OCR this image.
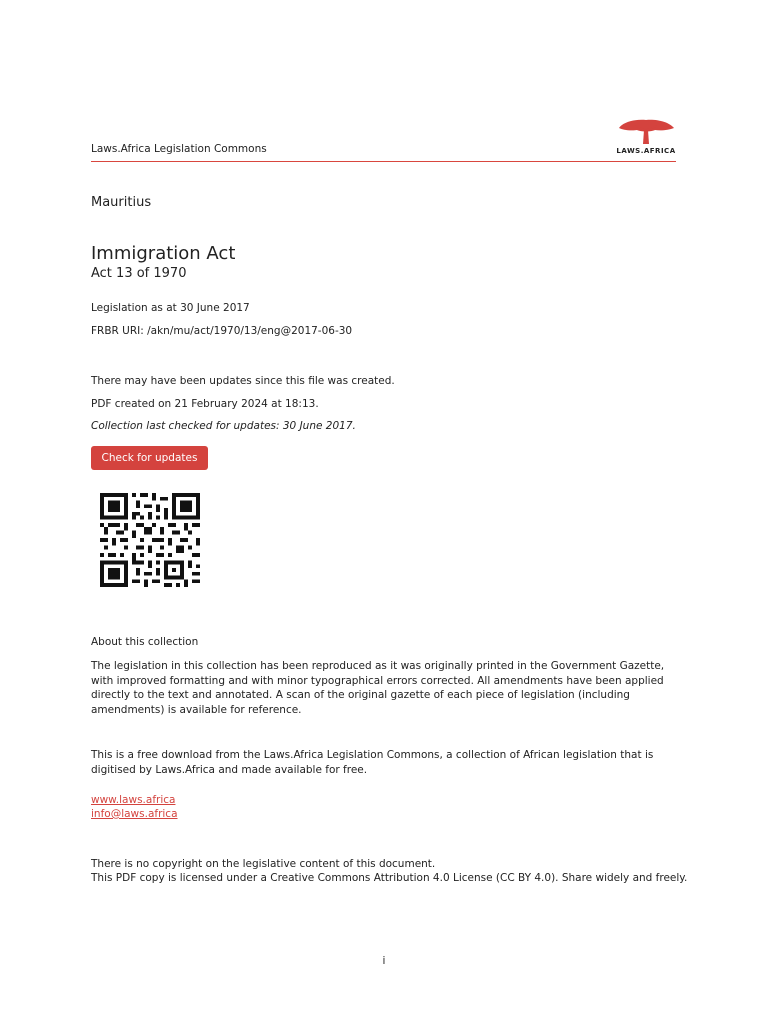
Laws.Africa Legislation Commons	LAWS.AFRICA
Mauritius
Immigration Act
Act 13 of 1970
Legislation as at 30 June 2017
FRBR URI: /akn/mu/act/1970/13/eng@2017-06-30
There may have been updates since this file was created.
PDF created on 21 February 2024 at 18:13.
Collection last checked for updates: 30 June 2017.
Check for updates
About this collection
The legislation in this collection has been reproduced as it was originally printed in the Government Gazette, with improved formatting and with minor typographical errors corrected. All amendments have been applied directly to the text and annotated. A scan of the original gazette of each piece of legislation (including amendments) is available for reference.
This is a free download from the Laws.Africa Legislation Commons, a collection of African legislation that is digitised by Laws.Africa and made available for free.
www.laws.africa
info@laws.africa
There is no copyright on the legislative content of this document.
This PDF copy is licensed under a Creative Commons Attribution 4.0 License (CC BY 4.0). Share widely and freely.
i
